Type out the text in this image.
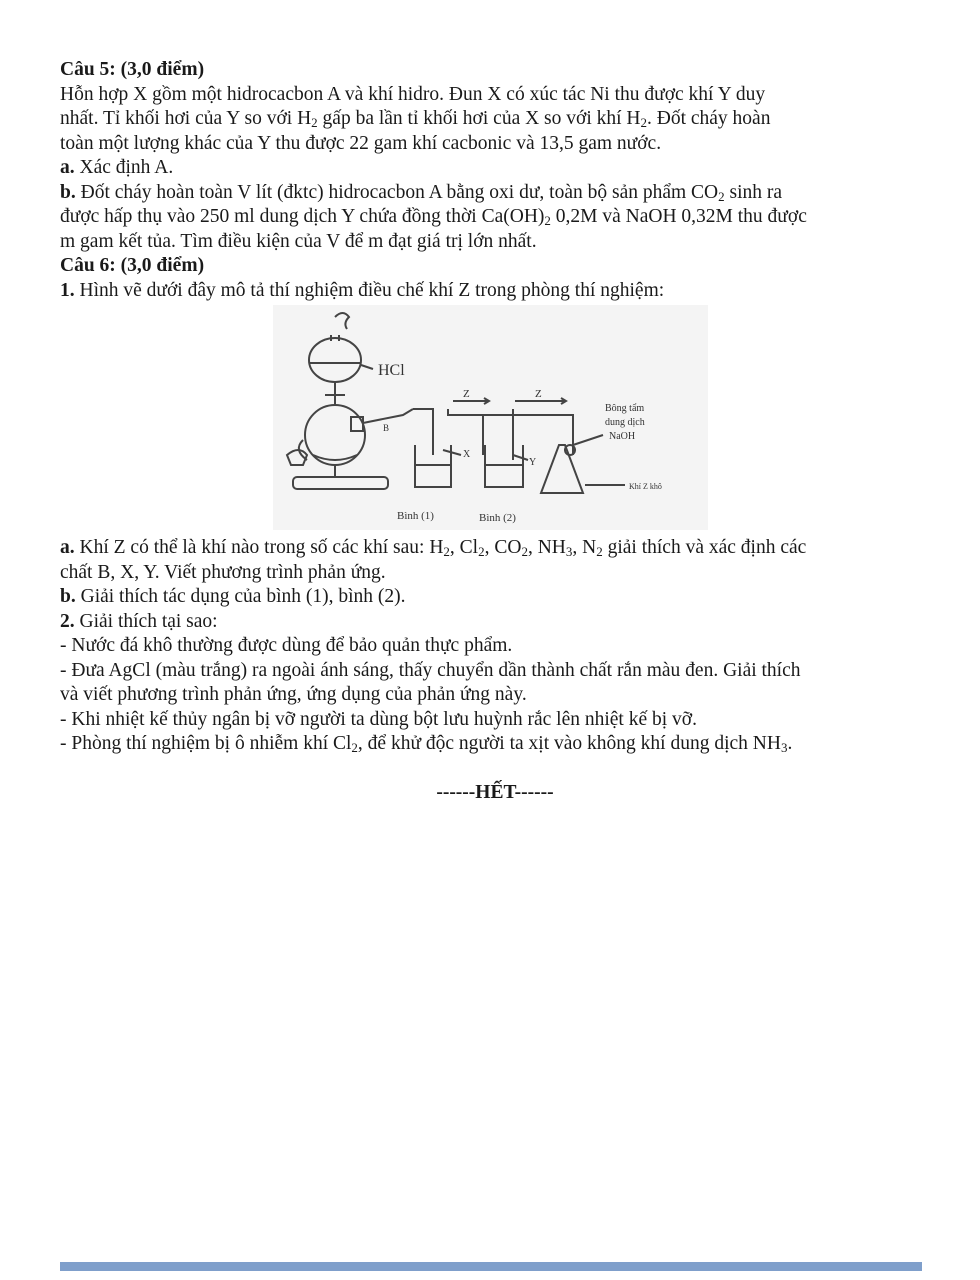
Câu 5: (3,0 điểm)
Hỗn hợp X gồm một hidrocacbon A và khí hidro. Đun X có xúc tác Ni thu được khí Y duy
nhất. Tỉ khối hơi của Y so với $H_2$ gấp ba lần tỉ khối hơi của X so với khí $H_2$. Đốt cháy hoàn
toàn một lượng khác của Y thu được 22 gam khí cacbonic và 13,5 gam nước.
a. Xác định A.
b. Đốt cháy hoàn toàn V lít (đktc) hidrocacbon A bằng oxi dư, toàn bộ sản phẩm $CO_2$ sinh ra
được hấp thụ vào 250 ml dung dịch Y chứa đồng thời $Ca(OH)_2$ 0,2M và NaOH 0,32M thu được
m gam kết tủa. Tìm điều kiện của V để m đạt giá trị lớn nhất.
Câu 6: (3,0 điểm)
1. Hình vẽ dưới đây mô tả thí nghiệm điều chế khí Z trong phòng thí nghiệm:
HCl
B
Z	Z
X
Y
Bông tẩm
dung dịch
NaOH
Khí Z khô
Bình (1)	Bình (2)
a. Khí Z có thể là khí nào trong số các khí sau: $H_2$, $Cl_2$, $CO_2$, $NH_3$, $N_2$ giải thích và xác định các
chất B, X, Y. Viết phương trình phản ứng.
b. Giải thích tác dụng của bình (1), bình (2).
2. Giải thích tại sao:
- Nước đá khô thường được dùng để bảo quản thực phẩm.
- Đưa AgCl (màu trắng) ra ngoài ánh sáng, thấy chuyển dần thành chất rắn màu đen. Giải thích
và viết phương trình phản ứng, ứng dụng của phản ứng này.
- Khi nhiệt kế thủy ngân bị vỡ người ta dùng bột lưu huỳnh rắc lên nhiệt kế bị vỡ.
- Phòng thí nghiệm bị ô nhiễm khí $Cl_2$, để khử độc người ta xịt vào không khí dung dịch $NH_3$.
------HẾT------
